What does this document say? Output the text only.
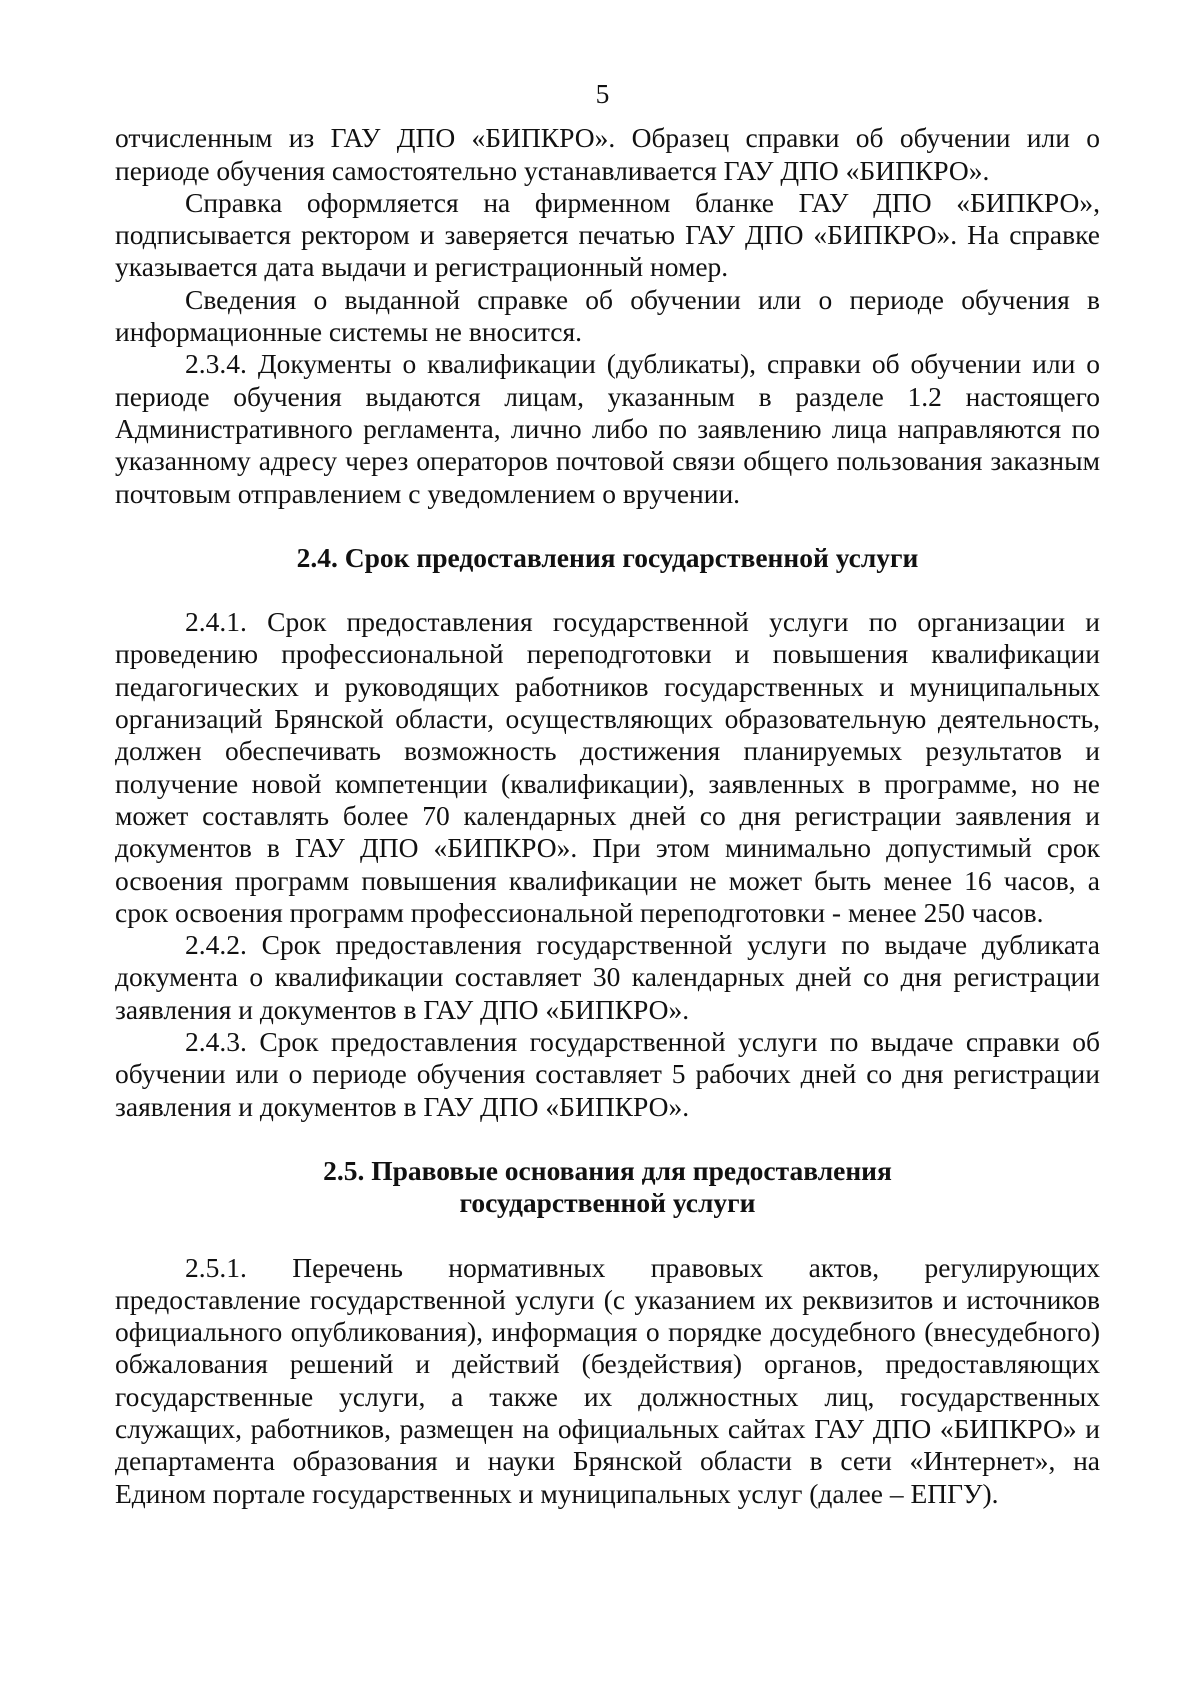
5

отчисленным из ГАУ ДПО «БИПКРО». Образец справки об обучении или о периоде обучения самостоятельно устанавливается ГАУ ДПО «БИПКРО».

Справка оформляется на фирменном бланке ГАУ ДПО «БИПКРО», подписывается ректором и заверяется печатью ГАУ ДПО «БИПКРО». На справке указывается дата выдачи и регистрационный номер.

Сведения о выданной справке об обучении или о периоде обучения в информационные системы не вносится.

2.3.4. Документы о квалификации (дубликаты), справки об обучении или о периоде обучения выдаются лицам, указанным в разделе 1.2 настоящего Административного регламента, лично либо по заявлению лица направляются по указанному адресу через операторов почтовой связи общего пользования заказным почтовым отправлением с уведомлением о вручении.

2.4. Срок предоставления государственной услуги

2.4.1. Срок предоставления государственной услуги по организации и проведению профессиональной переподготовки и повышения квалификации педагогических и руководящих работников государственных и муниципальных организаций Брянской области, осуществляющих образовательную деятельность, должен обеспечивать возможность достижения планируемых результатов и получение новой компетенции (квалификации), заявленных в программе, но не может составлять более 70 календарных дней со дня регистрации заявления и документов в ГАУ ДПО «БИПКРО». При этом минимально допустимый срок освоения программ повышения квалификации не может быть менее 16 часов, а срок освоения программ профессиональной переподготовки - менее 250 часов.

2.4.2. Срок предоставления государственной услуги по выдаче дубликата документа о квалификации составляет 30 календарных дней со дня регистрации заявления и документов в ГАУ ДПО «БИПКРО».

2.4.3. Срок предоставления государственной услуги по выдаче справки об обучении или о периоде обучения составляет 5 рабочих дней со дня регистрации заявления и документов в ГАУ ДПО «БИПКРО».

2.5. Правовые основания для предоставления
государственной услуги

2.5.1. Перечень нормативных правовых актов, регулирующих предоставление государственной услуги (с указанием их реквизитов и источников официального опубликования), информация о порядке досудебного (внесудебного) обжалования решений и действий (бездействия) органов, предоставляющих государственные услуги, а также их должностных лиц, государственных служащих, работников, размещен на официальных сайтах ГАУ ДПО «БИПКРО» и департамента образования и науки Брянской области в сети «Интернет», на Едином портале государственных и муниципальных услуг (далее – ЕПГУ).
